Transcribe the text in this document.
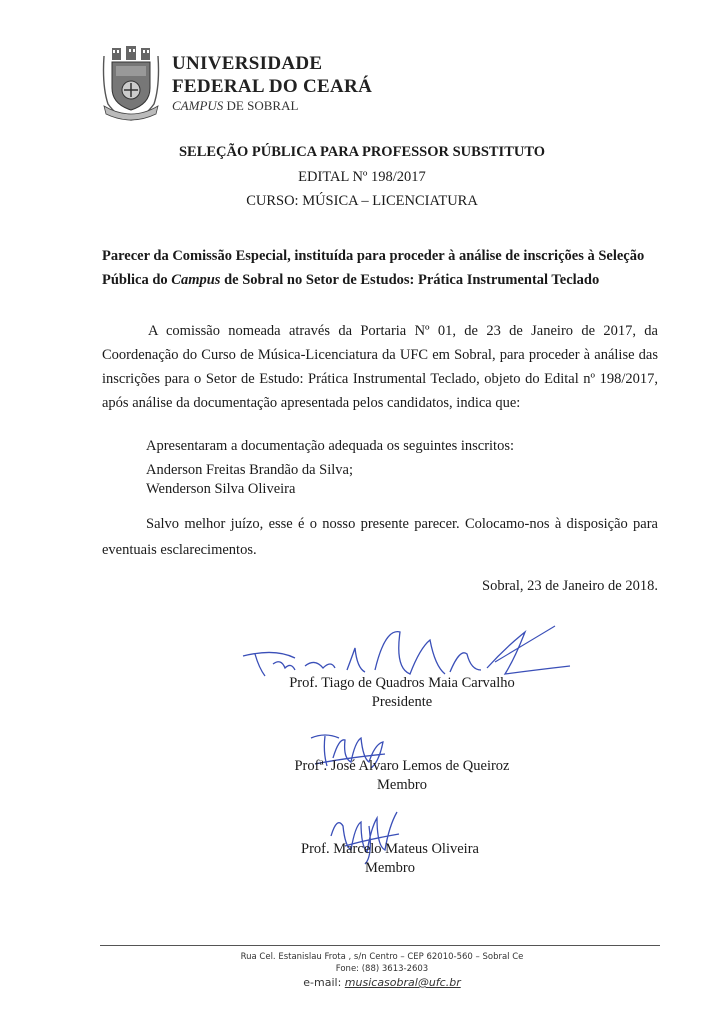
UNIVERSIDADE
FEDERAL DO CEARÁ
CAMPUS DE SOBRAL
SELEÇÃO PÚBLICA PARA PROFESSOR SUBSTITUTO
EDITAL Nº 198/2017
CURSO: MÚSICA – LICENCIATURA
Parecer da Comissão Especial, instituída para proceder à análise de inscrições à Seleção Pública do Campus de Sobral no Setor de Estudos: Prática Instrumental Teclado
A comissão nomeada através da Portaria Nº 01, de 23 de Janeiro de 2017, da Coordenação do Curso de Música-Licenciatura da UFC em Sobral, para proceder à análise das inscrições para o Setor de Estudo: Prática Instrumental Teclado, objeto do Edital nº 198/2017, após análise da documentação apresentada pelos candidatos, indica que:
Apresentaram a documentação adequada os seguintes inscritos:
Anderson Freitas Brandão da Silva;
Wenderson Silva Oliveira
Salvo melhor juízo, esse é o nosso presente parecer. Colocamo-nos à disposição para eventuais esclarecimentos.
Sobral, 23 de Janeiro de 2018.
Prof. Tiago de Quadros Maia Carvalho
Presidente
Profª. José Alvaro Lemos de Queiroz
Membro
Prof. Marcelo Mateus Oliveira
Membro
Rua Cel. Estanislau Frota , s/n Centro – CEP 62010-560 – Sobral Ce
Fone: (88) 3613-2603
e-mail: musicasobral@ufc.br
